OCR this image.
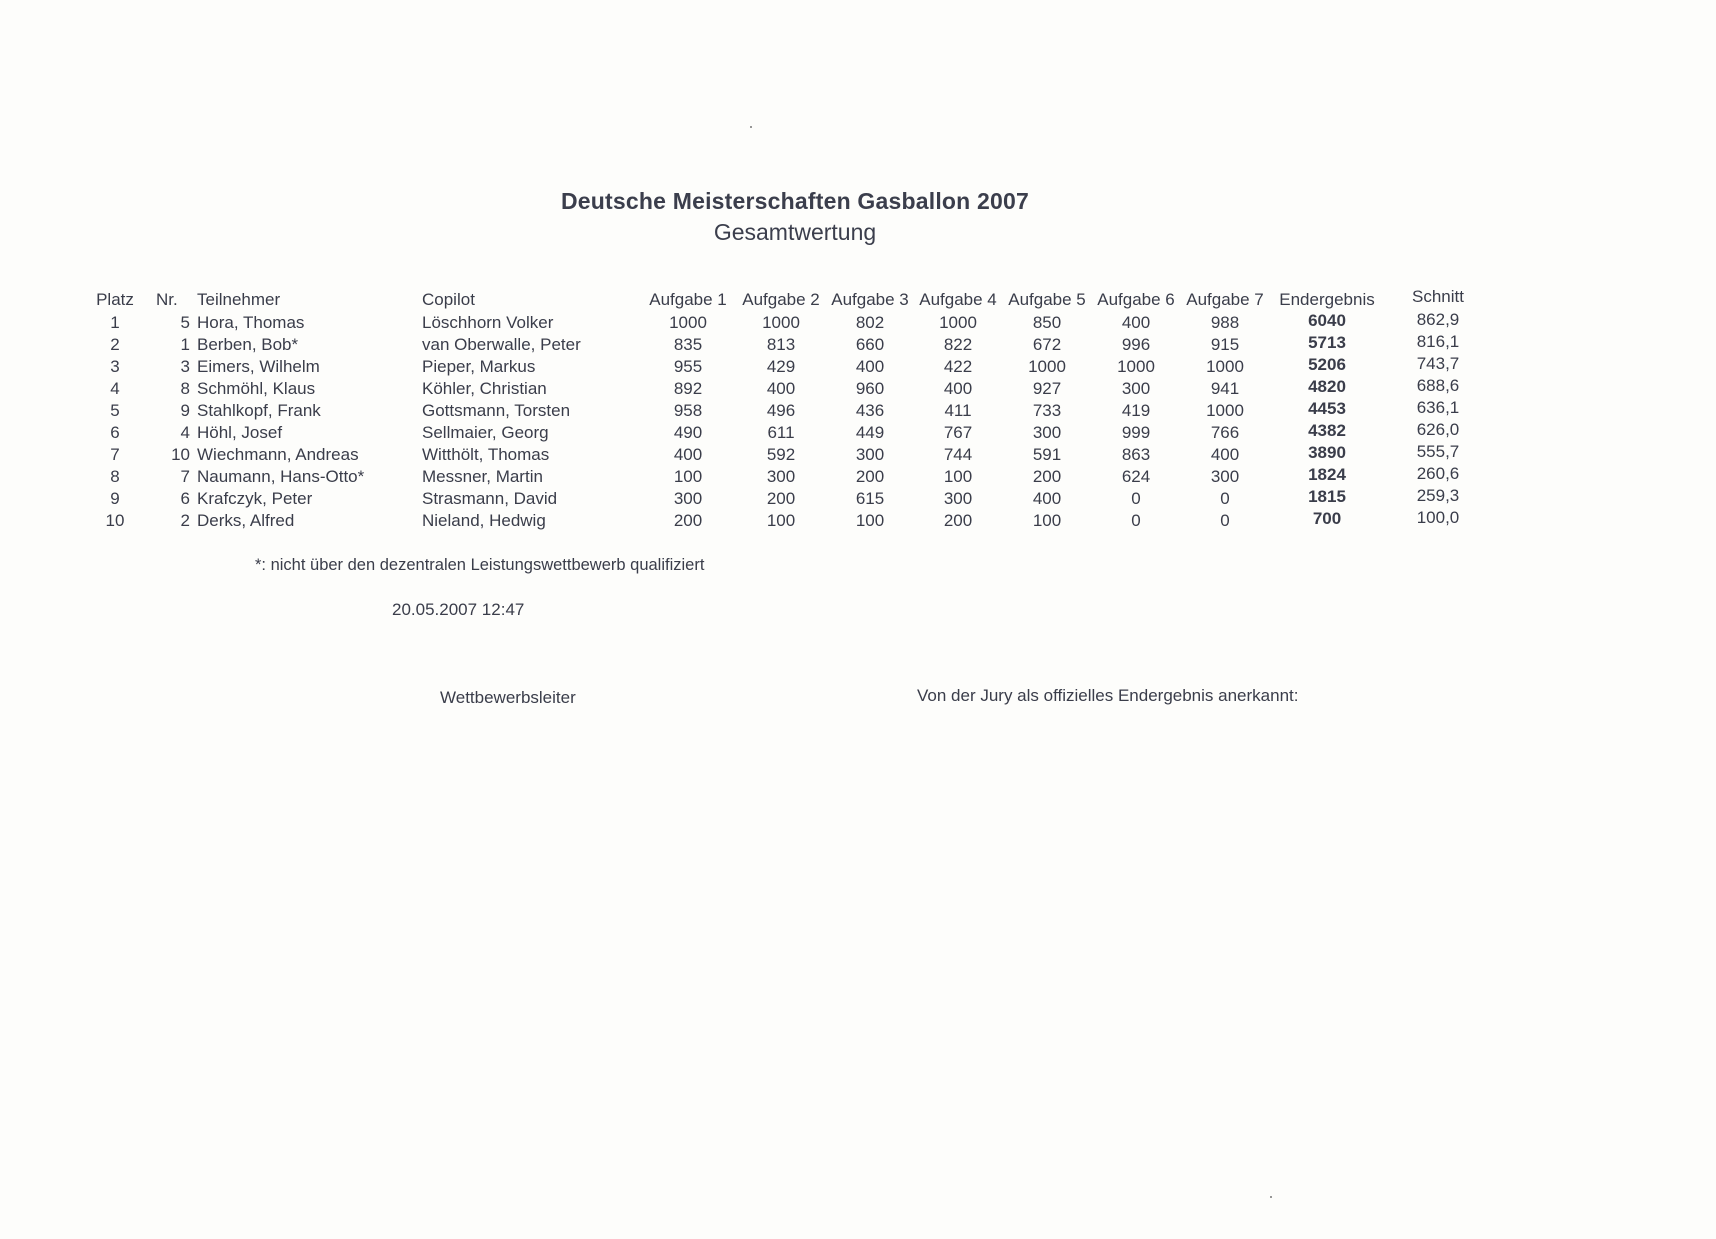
Deutsche Meisterschaften Gasballon 2007
Gesamtwertung
Platz	Nr. Teilnehmer	Copilot	Aufgabe 1 Aufgabe 2 Aufgabe 3 Aufgabe 4 Aufgabe 5 Aufgabe 6 Aufgabe 7 Endergebnis	Schnitt
1	5 Hora, Thomas	Löschhorn Volker	1000	1000	802	1000	850	400	988	6040	862,9
2	1 Berben, Bob*	van Oberwalle, Peter	835	813	660	822	672	996	915	5713	816,1
3	3 Eimers, Wilhelm	Pieper, Markus	955	429	400	422	1000	1000	1000	5206	743,7
4	8 Schmöhl, Klaus	Köhler, Christian	892	400	960	400	927	300	941	4820	688,6
5	9 Stahlkopf, Frank	Gottsmann, Torsten	958	496	436	411	733	419	1000	4453	636,1
6	4 Höhl, Josef	Sellmaier, Georg	490	611	449	767	300	999	766	4382	626,0
7	10 Wiechmann, Andreas	Witthölt, Thomas	400	592	300	744	591	863	400	3890	555,7
8	7 Naumann, Hans-Otto*	Messner, Martin	100	300	200	100	200	624	300	1824	260,6
9	6 Krafczyk, Peter	Strasmann, David	300	200	615	300	400	0	0	1815	259,3
10	2 Derks, Alfred	Nieland, Hedwig	200	100	100	200	100	0	0	700	100,0
*: nicht über den dezentralen Leistungswettbewerb qualifiziert
20.05.2007 12:47
Wettbewerbsleiter	Von der Jury als offizielles Endergebnis anerkannt:
